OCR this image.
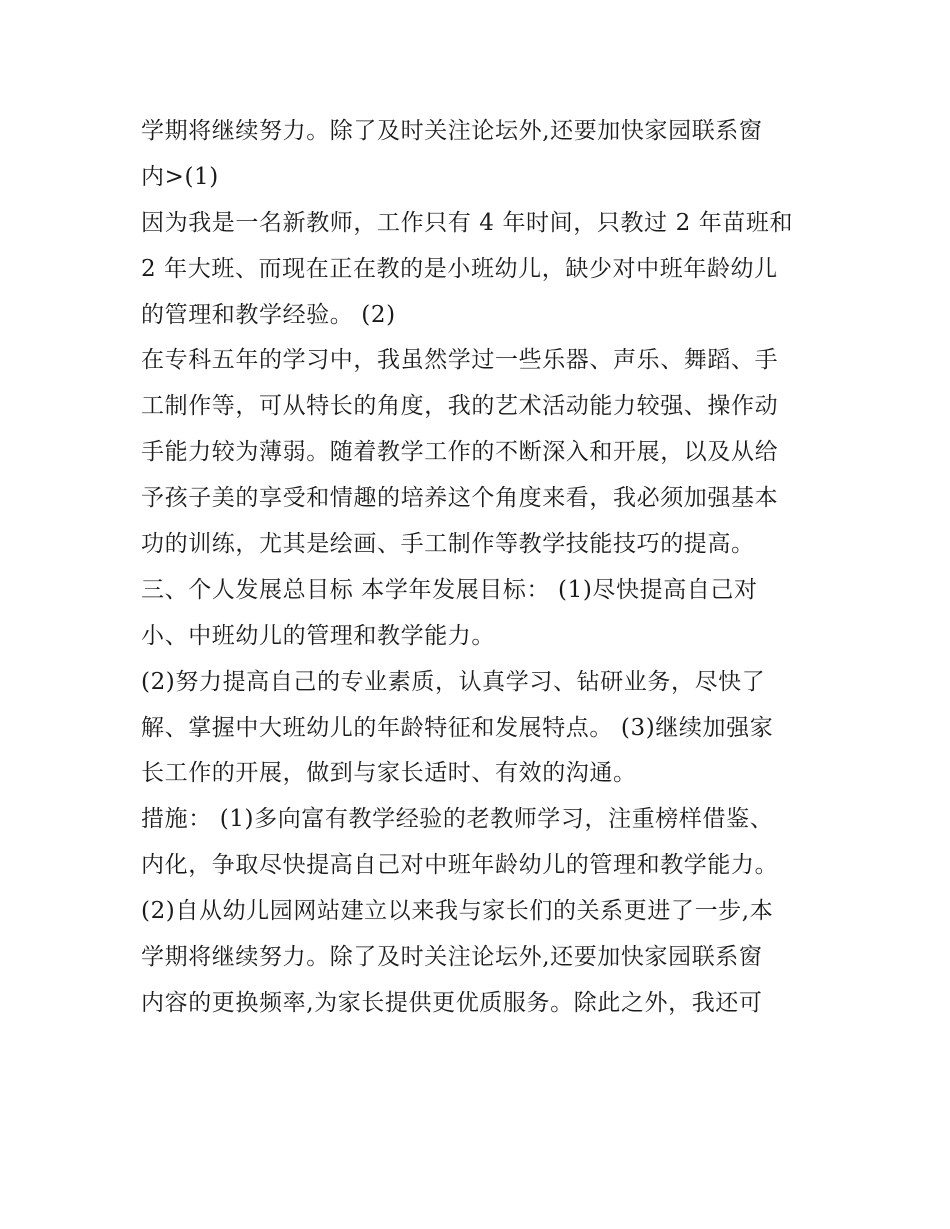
学期将继续努力。除了及时关注论坛外,还要加快家园联系窗
内>(1)
因为我是一名新教师，工作只有 4 年时间，只教过 2 年苗班和
2 年大班、而现在正在教的是小班幼儿，缺少对中班年龄幼儿
的管理和教学经验。 (2)
在专科五年的学习中，我虽然学过一些乐器、声乐、舞蹈、手
工制作等，可从特长的角度，我的艺术活动能力较强、操作动
手能力较为薄弱。随着教学工作的不断深入和开展，以及从给
予孩子美的享受和情趣的培养这个角度来看，我必须加强基本
功的训练，尤其是绘画、手工制作等教学技能技巧的提高。
三、个人发展总目标 本学年发展目标： (1)尽快提高自己对
小、中班幼儿的管理和教学能力。
(2)努力提高自己的专业素质，认真学习、钻研业务，尽快了
解、掌握中大班幼儿的年龄特征和发展特点。 (3)继续加强家
长工作的开展，做到与家长适时、有效的沟通。
措施： (1)多向富有教学经验的老教师学习，注重榜样借鉴、
内化，争取尽快提高自己对中班年龄幼儿的管理和教学能力。
(2)自从幼儿园网站建立以来我与家长们的关系更进了一步,本
学期将继续努力。除了及时关注论坛外,还要加快家园联系窗
内容的更换频率,为家长提供更优质服务。除此之外，我还可
